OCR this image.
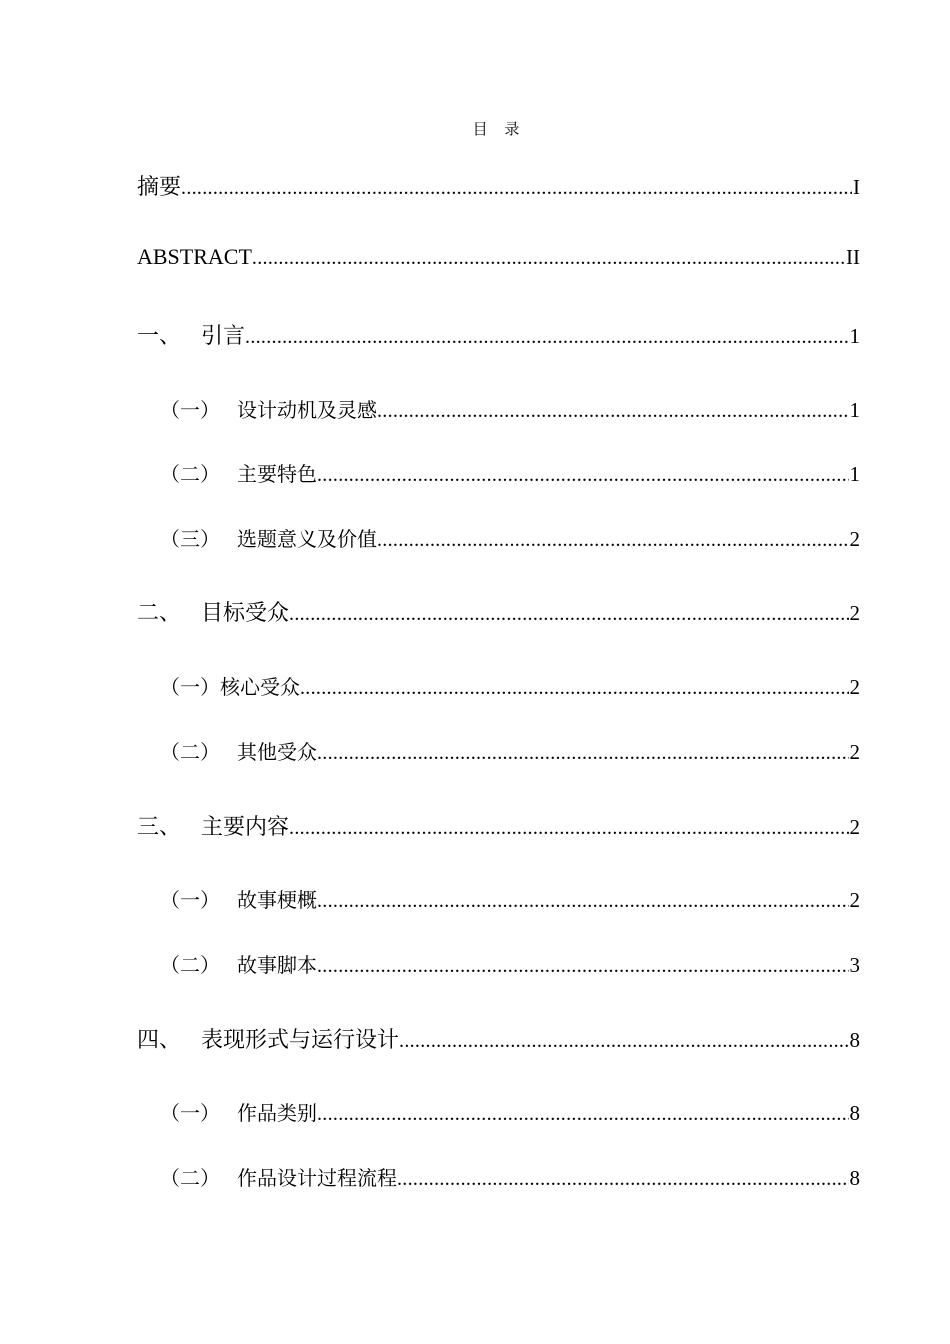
目 录
摘要 .....	I
ABSTRACT .....	II
一、 引言 .....	1
（一） 设计动机及灵感 .....	1
（二） 主要特色 .....	1
（三） 选题意义及价值 .....	2
二、 目标受众 .....	2
（一） 核心受众 .....	2
（二） 其他受众 .....	2
三、 主要内容 .....	2
（一） 故事梗概 .....	2
（二） 故事脚本 .....	3
四、 表现形式与运行设计 .....	8
（一） 作品类别 .....	8
（二） 作品设计过程流程 .....	8
